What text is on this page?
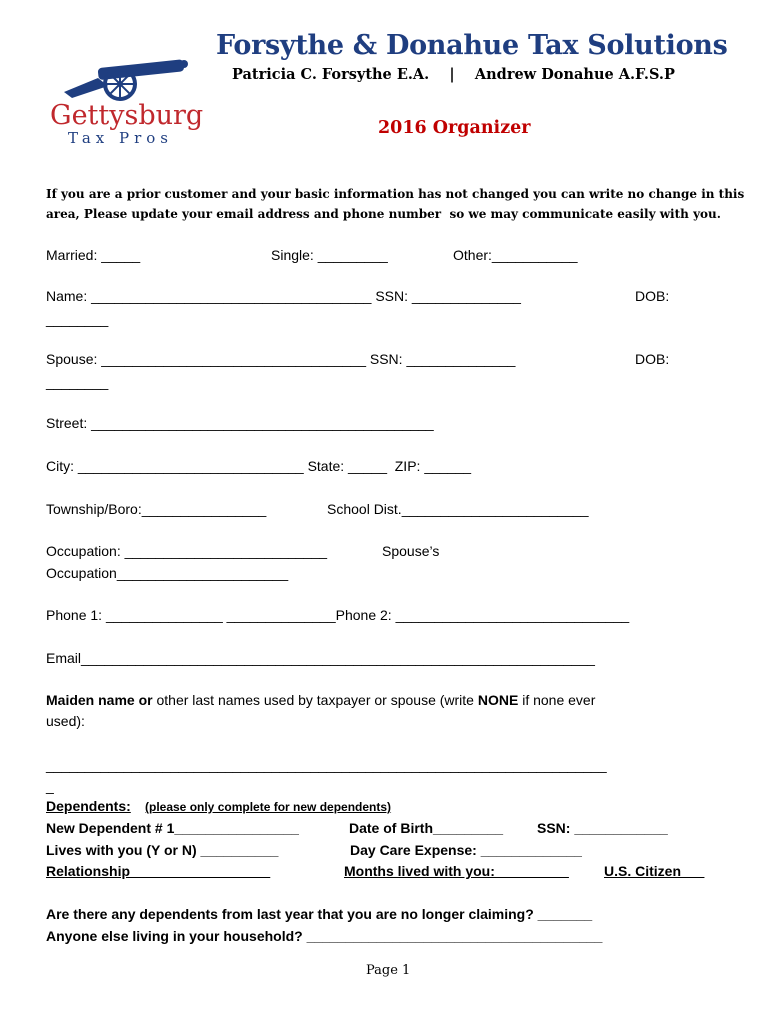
Forsythe & Donahue Tax Solutions
Patricia C. Forsythe E.A.    |    Andrew Donahue A.F.S.P
2016 Organizer
Gettysburg
Tax Pros
If you are a prior customer and your basic information has not changed you can write no change in this
area, Please update your email address and phone number  so we may communicate easily with you.
Married: _____	Single: _________	Other:___________
Name: ____________________________________ SSN: ______________	DOB:
________
Spouse: __________________________________ SSN: ______________	DOB:
________
Street: ____________________________________________
City: _____________________________ State: _____  ZIP: ______
Township/Boro:________________	School Dist.________________________
Occupation: __________________________	Spouse’s
Occupation______________________
Phone 1: _______________ ______________Phone 2: ______________________________
Email__________________________________________________________________
Maiden name or other last names used by taxpayer or spouse (write NONE if none ever
used):
________________________________________________________________________
_
Dependents: (please only complete for new dependents)
New Dependent # 1________________	Date of Birth_________ SSN: ____________
Lives with you (Y or N) __________	Day Care Expense: _____________
Relationship__________________	Months lived with you: _________	U.S. Citizen___
Are there any dependents from last year that you are no longer claiming? _______
Anyone else living in your household? ______________________________________
Page 1
